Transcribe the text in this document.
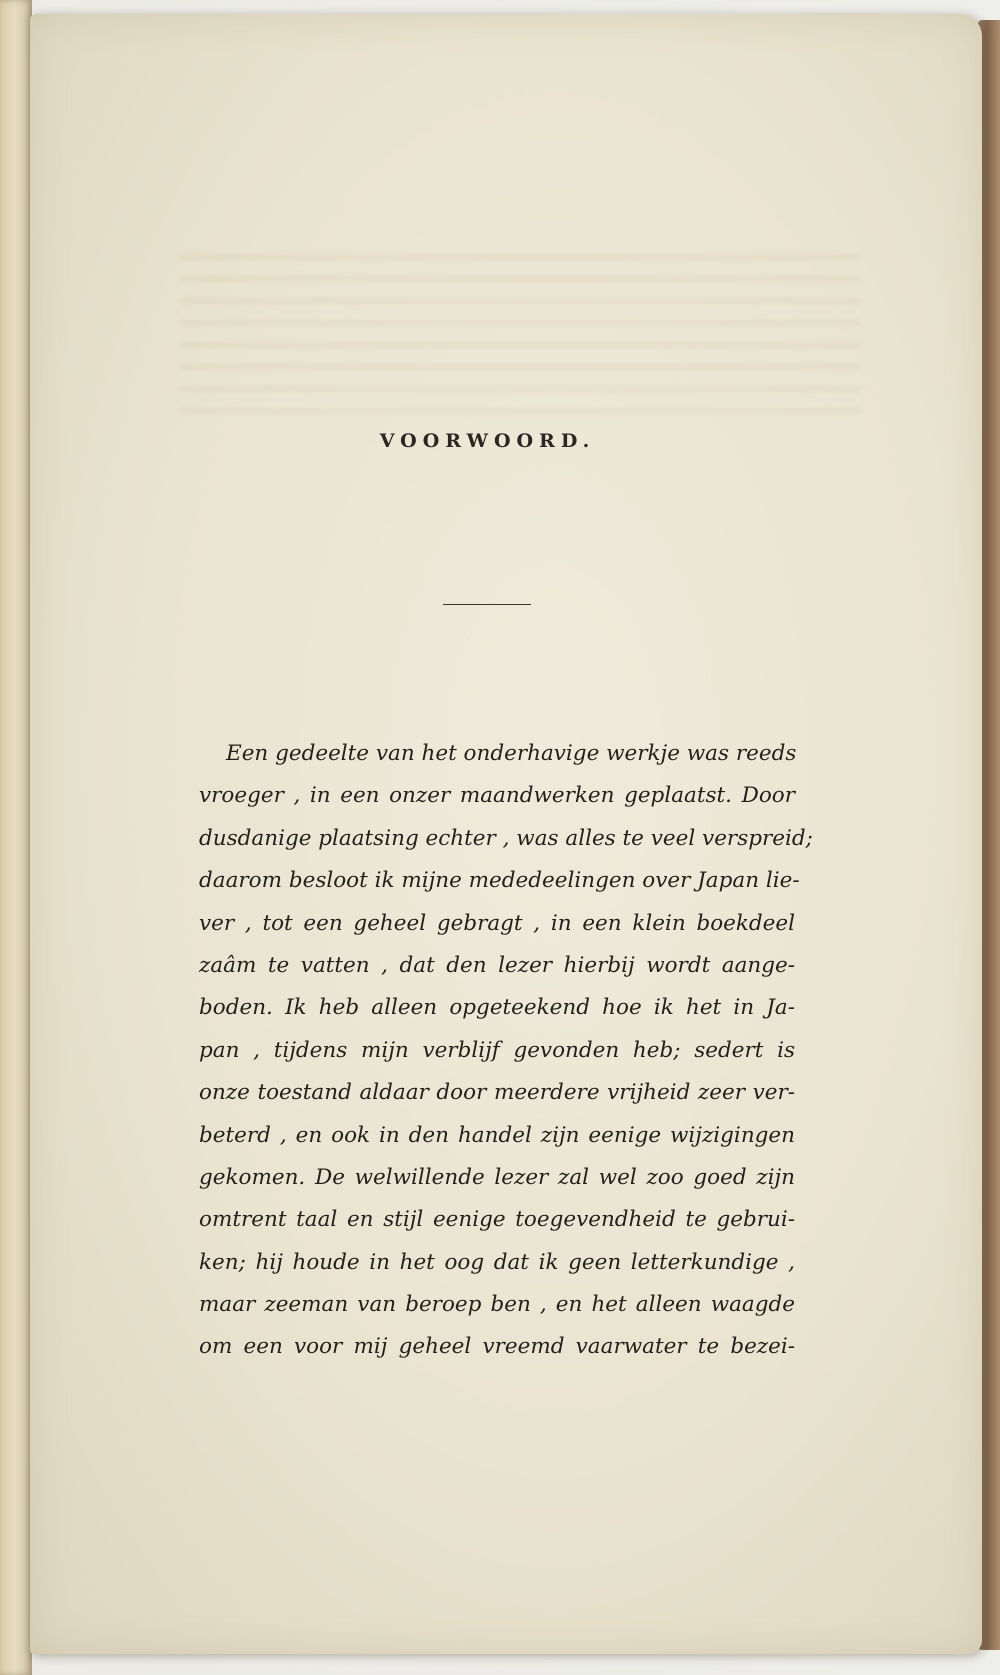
VOORWOORD.
Een gedeelte van het onderhavige werkje was reeds
vroeger , in een onzer maandwerken geplaatst. Door
dusdanige plaatsing echter , was alles te veel verspreid;
daarom besloot ik mijne mededeelingen over Japan lie-
ver , tot een geheel gebragt , in een klein boekdeel
zaâm te vatten , dat den lezer hierbij wordt aange-
boden. Ik heb alleen opgeteekend hoe ik het in Ja-
pan , tijdens mijn verblijf gevonden heb; sedert is
onze toestand aldaar door meerdere vrijheid zeer ver-
beterd , en ook in den handel zijn eenige wijzigingen
gekomen. De welwillende lezer zal wel zoo goed zijn
omtrent taal en stijl eenige toegevendheid te gebrui-
ken; hij houde in het oog dat ik geen letterkundige ,
maar zeeman van beroep ben , en het alleen waagde
om een voor mij geheel vreemd vaarwater te bezei-
